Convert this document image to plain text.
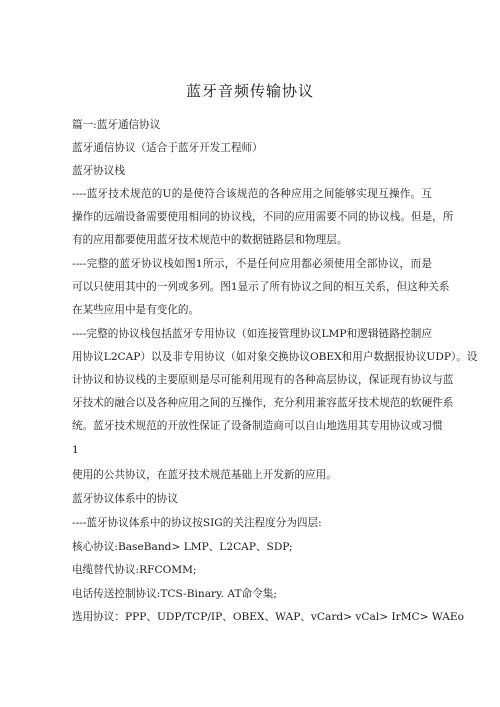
蓝牙音频传输协议
篇一:蓝牙通信协议
蓝牙通信协议（适合于蓝牙开发工程师）
蓝牙协议栈
----蓝牙技术规范的U的是使符合该规范的各种应用之间能够实现互操作。互
操作的远端设备需要使用相同的协议栈，不同的应用需要不同的协议栈。但是，所
有的应用都要使用蓝牙技术规范中的数据链路层和物理层。
----完整的蓝牙协议栈如图1所示，不是任何应用都必须使用全部协议，而是
可以只使用其中的一列或多列。图1显示了所有协议之间的相互关系，但这种关系
在某些应用中是有变化的。
----完整的协议栈包括蓝牙专用协议（如连接管理协议LMP和逻辑链路控制应
用协议L2CAP）以及非专用协议（如对象交换协议OBEX和用户数据报协议UDP）。设
计协议和协议栈的主要原则是尽可能利用现有的各种高层协议，保证现有协议与蓝
牙技术的融合以及各种应用之间的互操作，充分利用兼容蓝牙技术规范的软硬件系
统。蓝牙技术规范的开放性保证了设备制造商可以自山地选用其专用协议或习惯
1
使用的公共协议，在蓝牙技术规范基础上开发新的应用。
蓝牙协议体系中的协议
----蓝牙协议体系中的协议按SIG的关注程度分为四层:
核心协议:BaseBand> LMP、L2CAP、SDP;
电缆替代协议:RFCOMM;
电话传送控制协议:TCS-Binary. AT命令集;
选用协议：PPP、UDP/TCP/IP、OBEX、WAP、vCard> vCal> IrMC> WAEo
